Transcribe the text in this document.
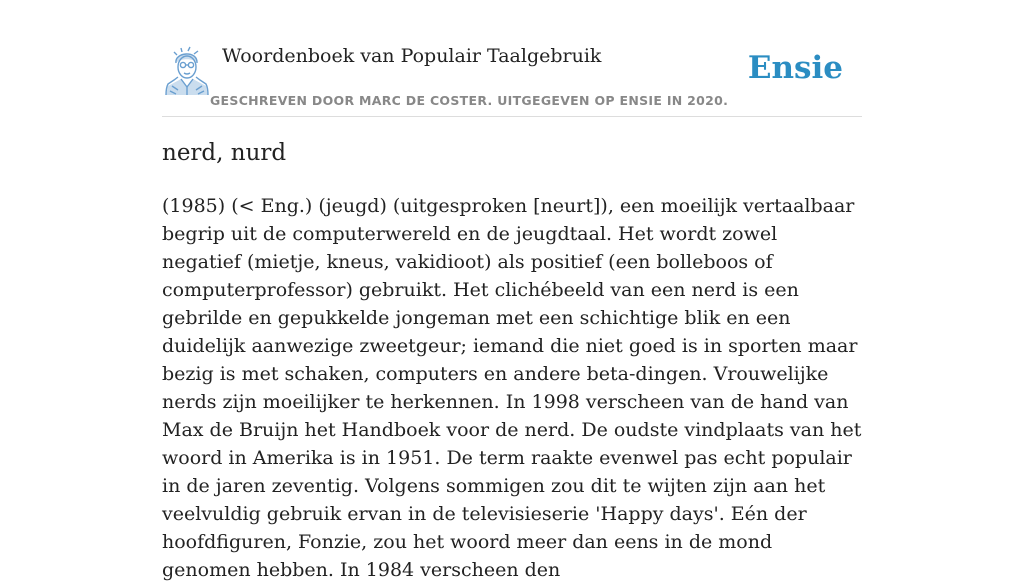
Woordenboek van Populair Taalgebruik
GESCHREVEN DOOR MARC DE COSTER. UITGEGEVEN OP ENSIE IN 2020.
Ensie
nerd, nurd

(1985) (< Eng.) (jeugd) (uitgesproken [neurt]), een moeilijk vertaalbaar begrip uit de computerwereld en de jeugdtaal. Het wordt zowel negatief (mietje, kneus, vakidioot) als positief (een bolleboos of computerprofessor) gebruikt. Het clichébeeld van een nerd is een gebrilde en gepukkelde jongeman met een schichtige blik en een duidelijk aanwezige zweetgeur; iemand die niet goed is in sporten maar bezig is met schaken, computers en andere beta-dingen. Vrouwelijke nerds zijn moeilijker te herkennen. In 1998 verscheen van de hand van Max de Bruijn het Handboek voor de nerd. De oudste vindplaats van het woord in Amerika is in 1951. De term raakte evenwel pas echt populair in de jaren zeventig. Volgens sommigen zou dit te wijten zijn aan het veelvuldig gebruik ervan in de televisieserie 'Happy days'. Eén der hoofdfiguren, Fonzie, zou het woord meer dan eens in de mond genomen hebben. In 1984 verscheen den
